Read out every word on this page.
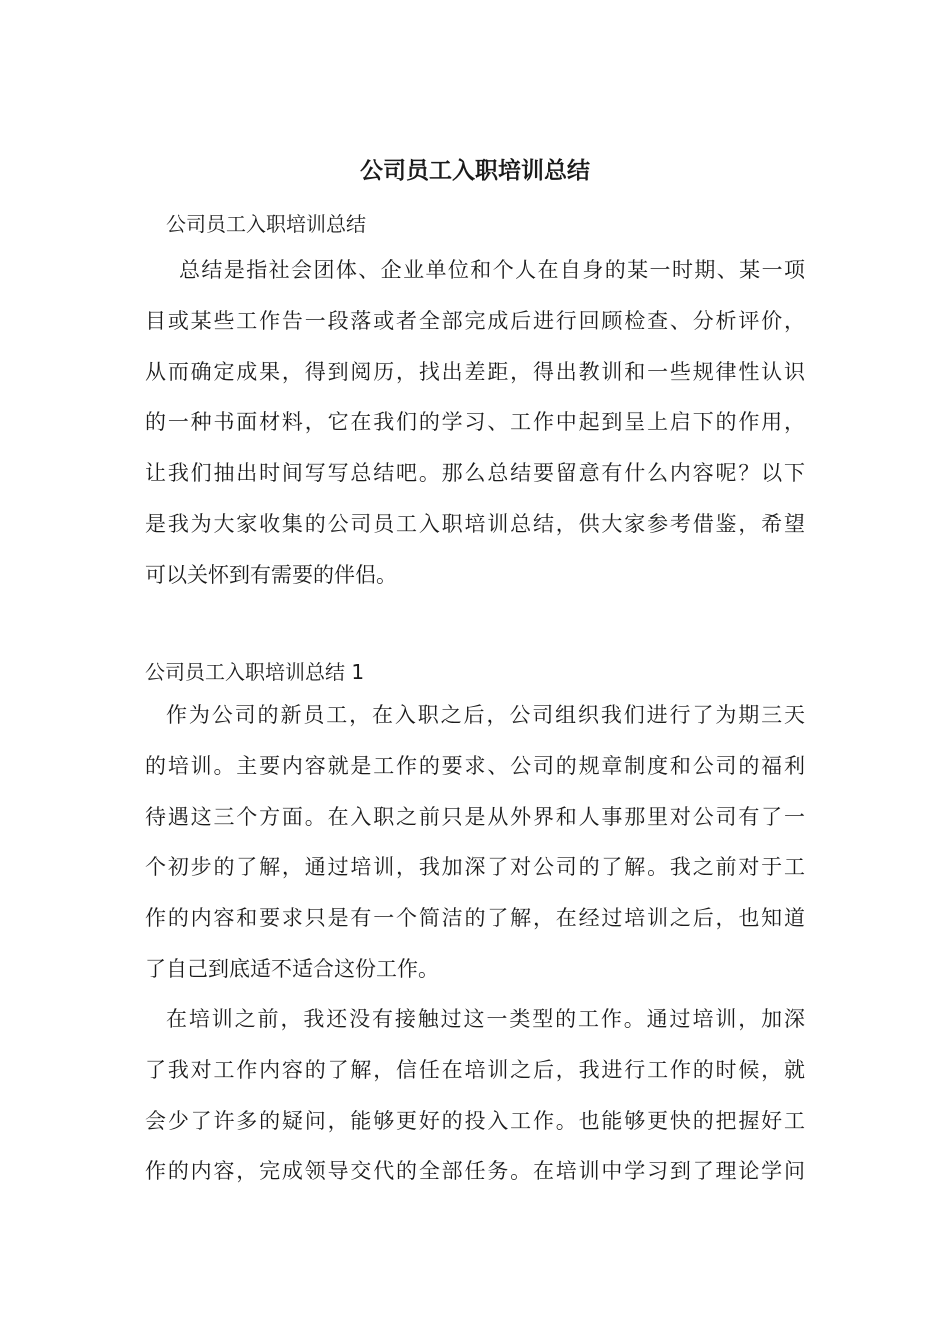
公司员工入职培训总结

公司员工入职培训总结

总结是指社会团体、企业单位和个人在自身的某一时期、某一项
目或某些工作告一段落或者全部完成后进行回顾检查、分析评价，
从而确定成果，得到阅历，找出差距，得出教训和一些规律性认识
的一种书面材料，它在我们的学习、工作中起到呈上启下的作用，
让我们抽出时间写写总结吧。那么总结要留意有什么内容呢？以下
是我为大家收集的公司员工入职培训总结，供大家参考借鉴，希望
可以关怀到有需要的伴侣。

公司员工入职培训总结 1

作为公司的新员工，在入职之后，公司组织我们进行了为期三天
的培训。主要内容就是工作的要求、公司的规章制度和公司的福利
待遇这三个方面。在入职之前只是从外界和人事那里对公司有了一
个初步的了解，通过培训，我加深了对公司的了解。我之前对于工
作的内容和要求只是有一个简洁的了解，在经过培训之后，也知道
了自己到底适不适合这份工作。
在培训之前，我还没有接触过这一类型的工作。通过培训，加深
了我对工作内容的了解，信任在培训之后，我进行工作的时候，就
会少了许多的疑问，能够更好的投入工作。也能够更快的把握好工
作的内容，完成领导交代的全部任务。在培训中学习到了理论学问
